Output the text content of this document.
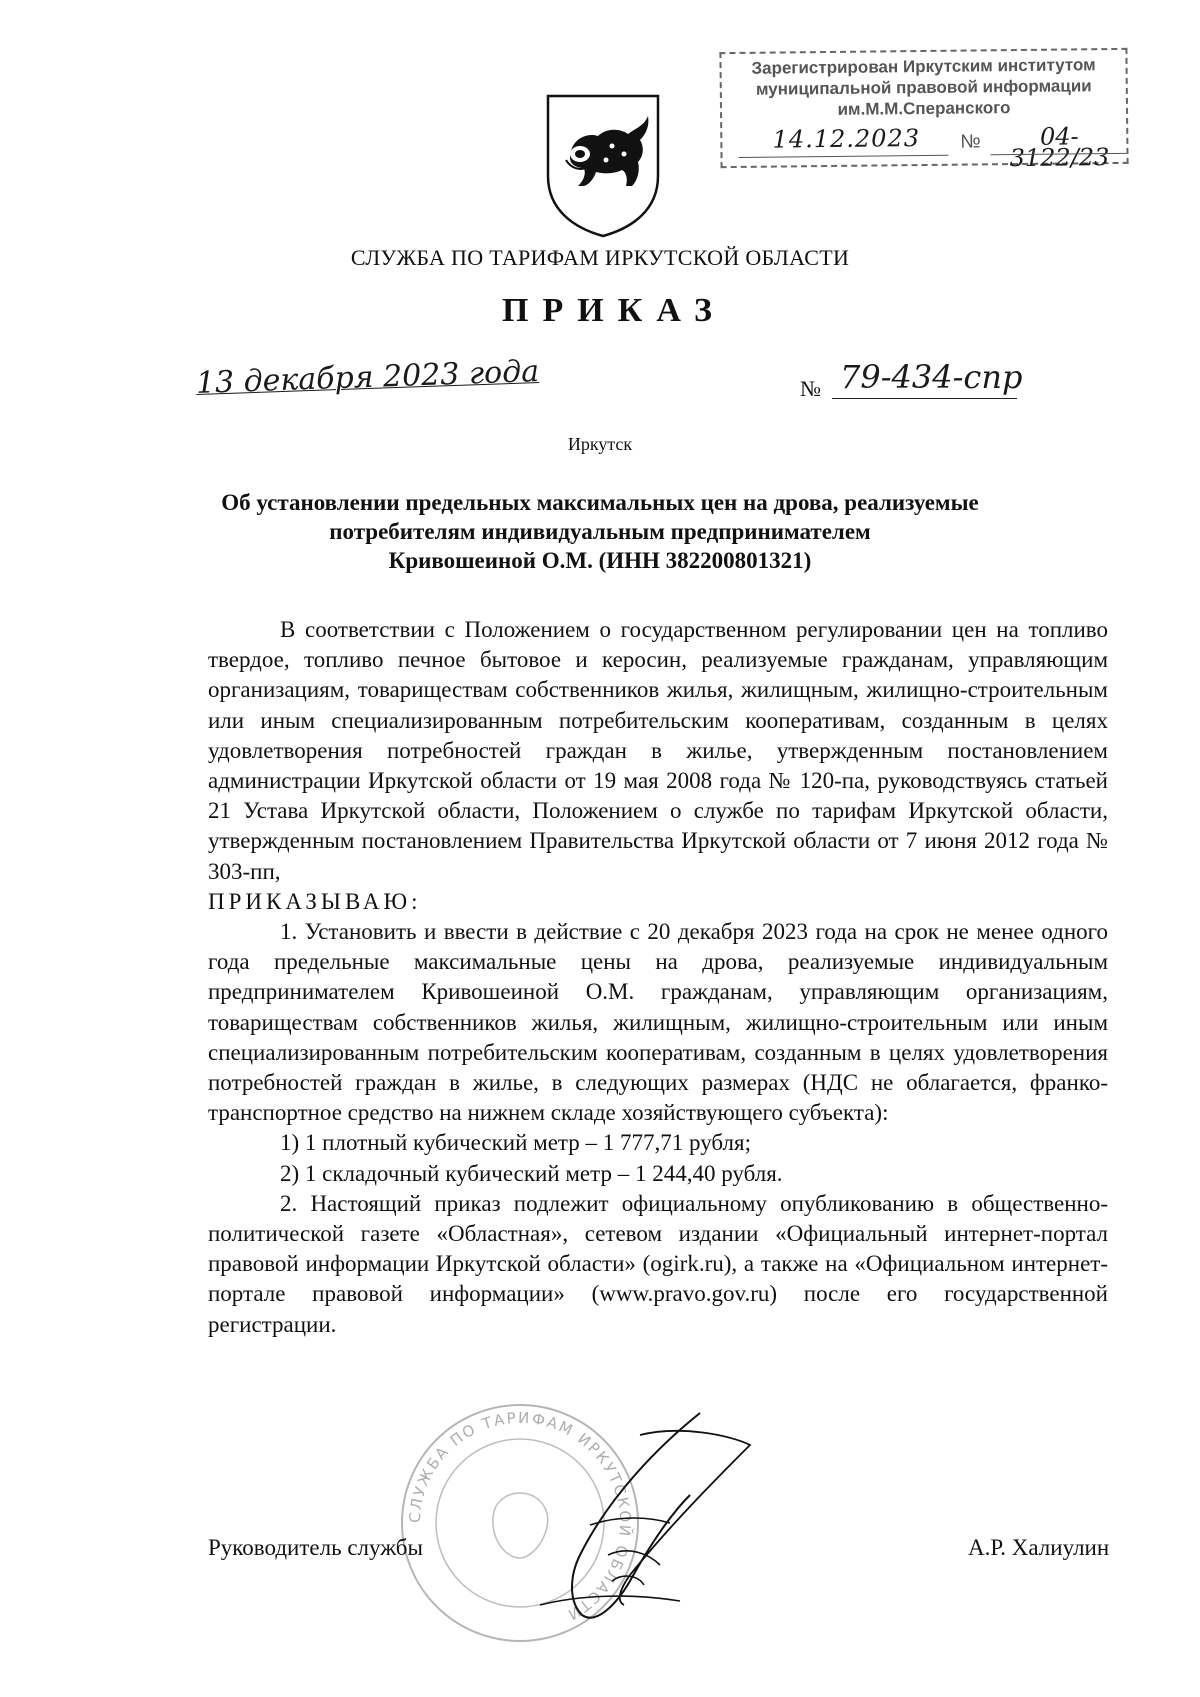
Зарегистрирован Иркутским институтом
муниципальной правовой информации
им.М.М.Сперанского
14.12.2023	№	04-3122/23
СЛУЖБА ПО ТАРИФАМ ИРКУТСКОЙ ОБЛАСТИ
ПРИКАЗ
13 декабря 2023 года	№ 79-434-спр
Иркутск
Об установлении предельных максимальных цен на дрова, реализуемые
потребителям индивидуальным предпринимателем
Кривошеиной О.М. (ИНН 382200801321)

В соответствии с Положением о государственном регулировании цен на топливо твердое, топливо печное бытовое и керосин, реализуемые гражданам, управляющим организациям, товариществам собственников жилья, жилищным, жилищно-строительным или иным специализированным потребительским кооперативам, созданным в целях удовлетворения потребностей граждан в жилье, утвержденным постановлением администрации Иркутской области от 19 мая 2008 года № 120-па, руководствуясь статьей 21 Устава Иркутской области, Положением о службе по тарифам Иркутской области, утвержденным постановлением Правительства Иркутской области от 7 июня 2012 года № 303-пп,

ПРИКАЗЫВАЮ:

1. Установить и ввести в действие с 20 декабря 2023 года на срок не менее одного года предельные максимальные цены на дрова, реализуемые индивидуальным предпринимателем Кривошеиной О.М. гражданам, управляющим организациям, товариществам собственников жилья, жилищным, жилищно-строительным или иным специализированным потребительским кооперативам, созданным в целях удовлетворения потребностей граждан в жилье, в следующих размерах (НДС не облагается, франко-транспортное средство на нижнем складе хозяйствующего субъекта):

1) 1 плотный кубический метр – 1 777,71 рубля;

2) 1 складочный кубический метр – 1 244,40 рубля.

2. Настоящий приказ подлежит официальному опубликованию в общественно-политической газете «Областная», сетевом издании «Официальный интернет-портал правовой информации Иркутской области» (ogirk.ru), а также на «Официальном интернет-портале правовой информации» (www.pravo.gov.ru) после его государственной регистрации.

СЛУЖБА ПО ТАРИФАМ ИРКУТСКОЙ ОБЛАСТИ
Руководитель службы	А.Р. Халиулин
